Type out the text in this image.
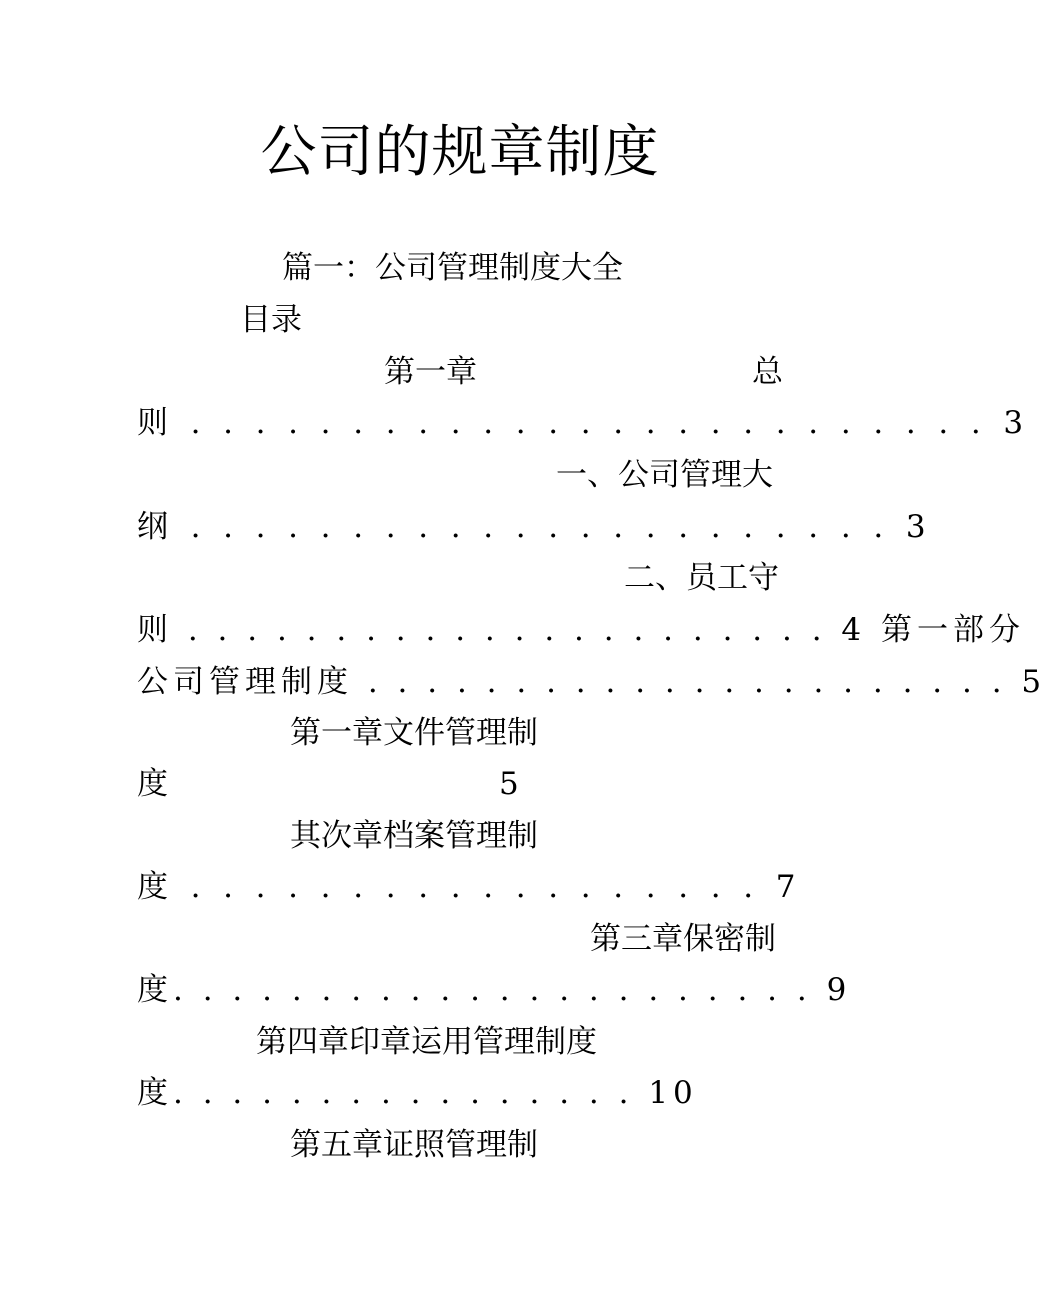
公司的规章制度
篇一：公司管理制度大全
目录
第一章	总
则 . . . . . . . . . . . . . . . . . . . . . . . . . 3
一、公司管理大
纲 . . . . . . . . . . . . . . . . . . . . . . 3
二、员工守
则 . . . . . . . . . . . . . . . . . . . . . . 4 第一部分
公司管理制度 . . . . . . . . . . . . . . . . . . . . . . 5
第一章文件管理制
度	5
其次章档案管理制
度 . . . . . . . . . . . . . . . . . . 7
第三章保密制
度. . . . . . . . . . . . . . . . . . . . . . 9
第四章印章运用管理制度
度. . . . . . . . . . . . . . . . 10
第五章证照管理制
